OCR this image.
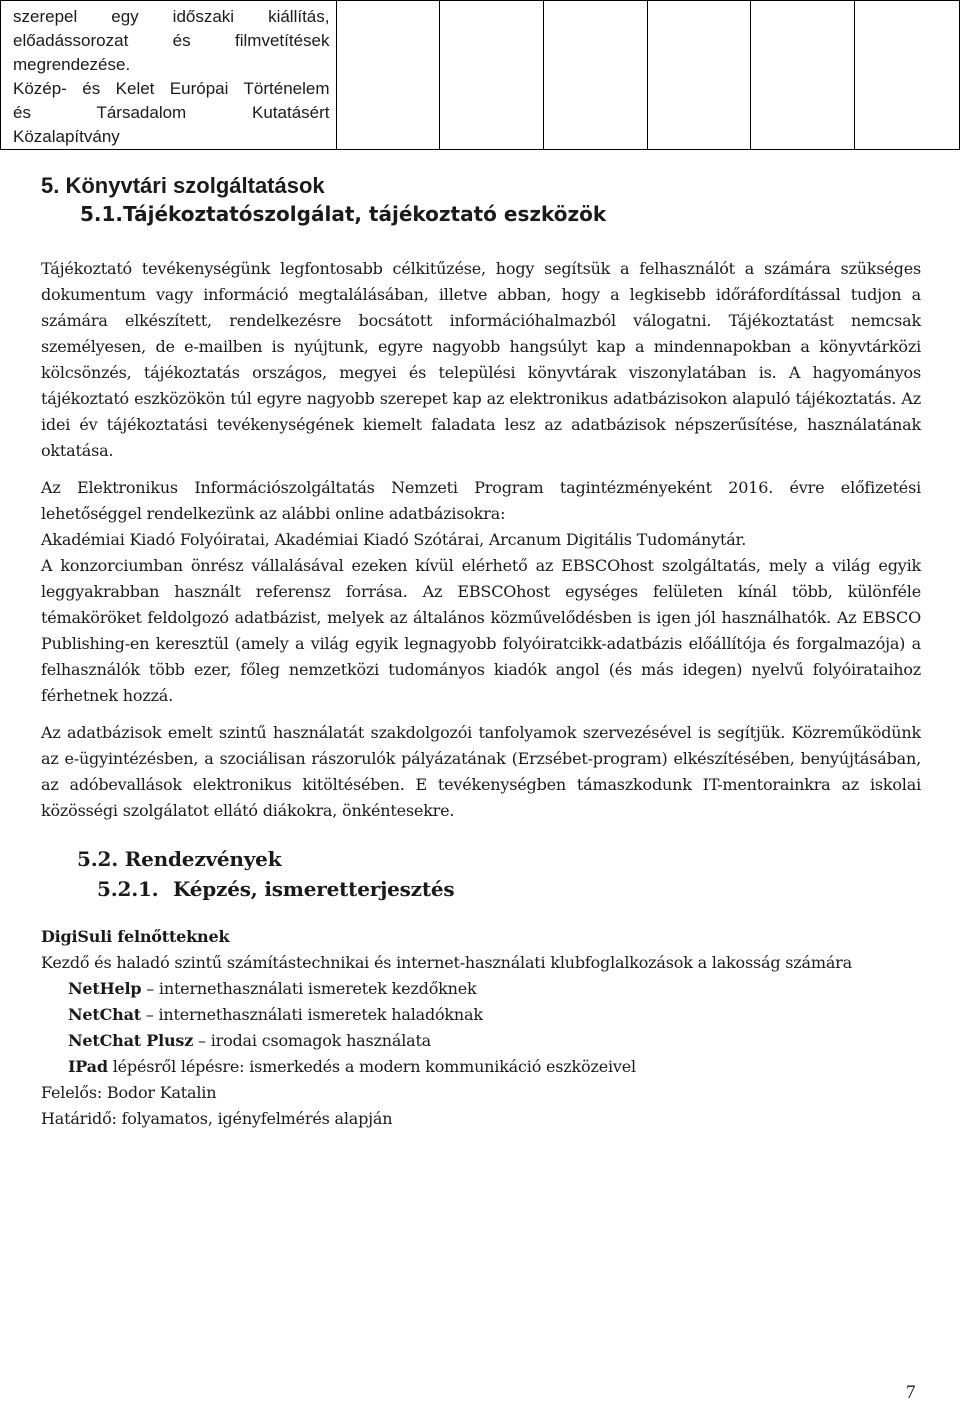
szerepel egy időszaki kiállítás,
előadássorozat és filmvetítések
megrendezése.
Közép- és Kelet Európai Történelem
és Társadalom Kutatásért
Közalapítvány

5. Könyvtári szolgáltatások
5.1.Tájékoztatószolgálat, tájékoztató eszközök

Tájékoztató tevékenységünk legfontosabb célkitűzése, hogy segítsük a felhasználót a számára szükséges dokumentum vagy információ megtalálásában, illetve abban, hogy a legkisebb időráfordítással tudjon a számára elkészített, rendelkezésre bocsátott információhalmazból válogatni. Tájékoztatást nemcsak személyesen, de e-mailben is nyújtunk, egyre nagyobb hangsúlyt kap a mindennapokban a könyvtárközi kölcsönzés, tájékoztatás országos, megyei és települési könyvtárak viszonylatában is. A hagyományos tájékoztató eszközökön túl egyre nagyobb szerepet kap az elektronikus adatbázisokon alapuló tájékoztatás. Az idei év tájékoztatási tevékenységének kiemelt faladata lesz az adatbázisok népszerűsítése, használatának oktatása.

Az Elektronikus Információszolgáltatás Nemzeti Program tagintézményeként 2016. évre előfizetési lehetőséggel rendelkezünk az alábbi online adatbázisokra:

Akadémiai Kiadó Folyóiratai, Akadémiai Kiadó Szótárai, Arcanum Digitális Tudománytár.

A konzorciumban önrész vállalásával ezeken kívül elérhető az EBSCOhost szolgáltatás, mely a világ egyik leggyakrabban használt referensz forrása. Az EBSCOhost egységes felületen kínál több, különféle témaköröket feldolgozó adatbázist, melyek az általános közművelődésben is igen jól használhatók. Az EBSCO Publishing-en keresztül (amely a világ egyik legnagyobb folyóiratcikk-adatbázis előállítója és forgalmazója) a felhasználók több ezer, főleg nemzetközi tudományos kiadók angol (és más idegen) nyelvű folyóirataihoz férhetnek hozzá.

Az adatbázisok emelt szintű használatát szakdolgozói tanfolyamok szervezésével is segítjük. Közreműködünk az e-ügyintézésben, a szociálisan rászorulók pályázatának (Erzsébet-program) elkészítésében, benyújtásában, az adóbevallások elektronikus kitöltésében. E tevékenységben támaszkodunk IT-mentorainkra az iskolai közösségi szolgálatot ellátó diákokra, önkéntesekre.

5.2. Rendezvények
5.2.1. Képzés, ismeretterjesztés

DigiSuli felnőtteknek

Kezdő és haladó szintű számítástechnikai és internet-használati klubfoglalkozások a lakosság számára

NetHelp – internethasználati ismeretek kezdőknek
NetChat – internethasználati ismeretek haladóknak
NetChat Plusz – irodai csomagok használata
IPad lépésről lépésre: ismerkedés a modern kommunikáció eszközeivel
Felelős: Bodor Katalin
Határidő: folyamatos, igényfelmérés alapján
7
